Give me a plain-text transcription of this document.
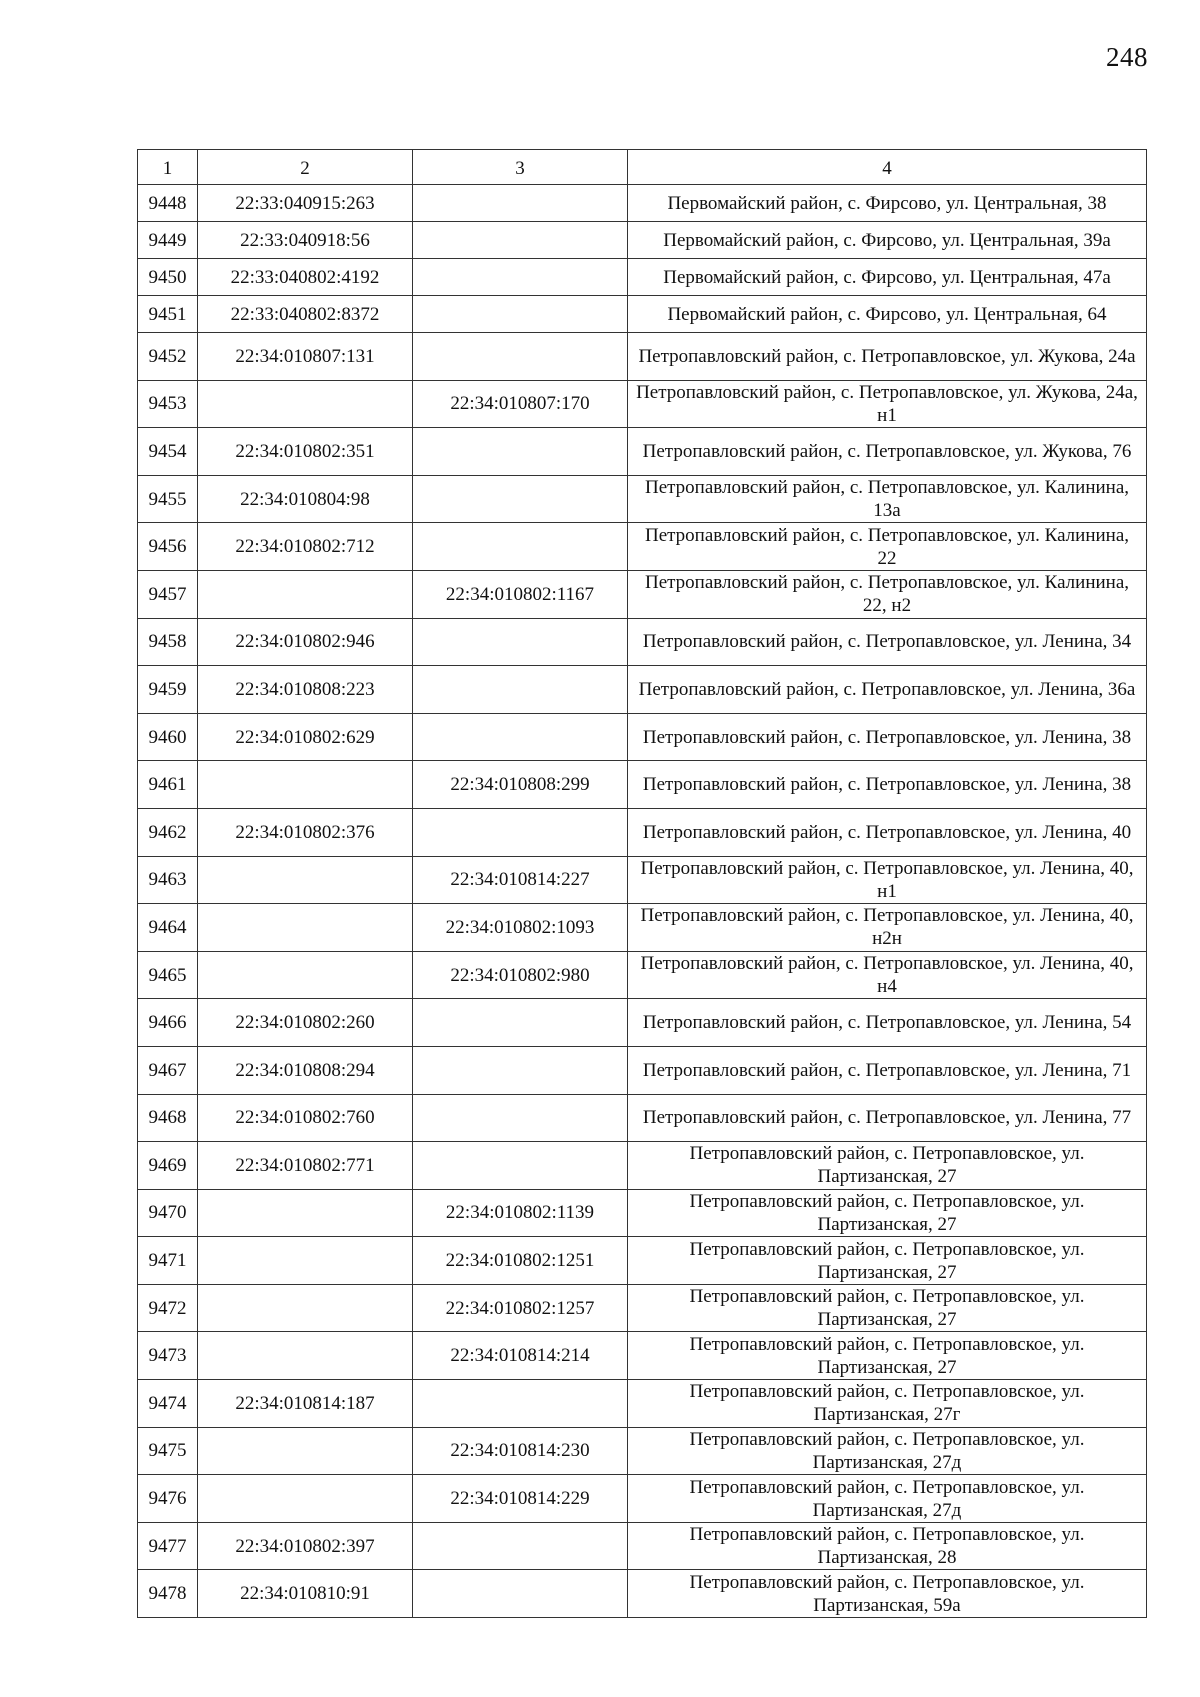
248
1	2	3	4
9448	22:33:040915:263		Первомайский район, с. Фирсово, ул. Центральная, 38
9449	22:33:040918:56		Первомайский район, с. Фирсово, ул. Центральная, 39а
9450	22:33:040802:4192		Первомайский район, с. Фирсово, ул. Центральная, 47а
9451	22:33:040802:8372		Первомайский район, с. Фирсово, ул. Центральная, 64
9452	22:34:010807:131		Петропавловский район, с. Петропавловское, ул. Жукова, 24а
9453		22:34:010807:170	Петропавловский район, с. Петропавловское, ул. Жукова, 24а, н1
9454	22:34:010802:351		Петропавловский район, с. Петропавловское, ул. Жукова, 76
9455	22:34:010804:98		Петропавловский район, с. Петропавловское, ул. Калинина, 13а
9456	22:34:010802:712		Петропавловский район, с. Петропавловское, ул. Калинина, 22
9457		22:34:010802:1167	Петропавловский район, с. Петропавловское, ул. Калинина, 22, н2
9458	22:34:010802:946		Петропавловский район, с. Петропавловское, ул. Ленина, 34
9459	22:34:010808:223		Петропавловский район, с. Петропавловское, ул. Ленина, 36а
9460	22:34:010802:629		Петропавловский район, с. Петропавловское, ул. Ленина, 38
9461		22:34:010808:299	Петропавловский район, с. Петропавловское, ул. Ленина, 38
9462	22:34:010802:376		Петропавловский район, с. Петропавловское, ул. Ленина, 40
9463		22:34:010814:227	Петропавловский район, с. Петропавловское, ул. Ленина, 40, н1
9464		22:34:010802:1093	Петропавловский район, с. Петропавловское, ул. Ленина, 40, н2н
9465		22:34:010802:980	Петропавловский район, с. Петропавловское, ул. Ленина, 40, н4
9466	22:34:010802:260		Петропавловский район, с. Петропавловское, ул. Ленина, 54
9467	22:34:010808:294		Петропавловский район, с. Петропавловское, ул. Ленина, 71
9468	22:34:010802:760		Петропавловский район, с. Петропавловское, ул. Ленина, 77
9469	22:34:010802:771		Петропавловский район, с. Петропавловское, ул. Партизанская, 27
9470		22:34:010802:1139	Петропавловский район, с. Петропавловское, ул. Партизанская, 27
9471		22:34:010802:1251	Петропавловский район, с. Петропавловское, ул. Партизанская, 27
9472		22:34:010802:1257	Петропавловский район, с. Петропавловское, ул. Партизанская, 27
9473		22:34:010814:214	Петропавловский район, с. Петропавловское, ул. Партизанская, 27
9474	22:34:010814:187		Петропавловский район, с. Петропавловское, ул. Партизанская, 27г
9475		22:34:010814:230	Петропавловский район, с. Петропавловское, ул. Партизанская, 27д
9476		22:34:010814:229	Петропавловский район, с. Петропавловское, ул. Партизанская, 27д
9477	22:34:010802:397		Петропавловский район, с. Петропавловское, ул. Партизанская, 28
9478	22:34:010810:91		Петропавловский район, с. Петропавловское, ул. Партизанская, 59а
